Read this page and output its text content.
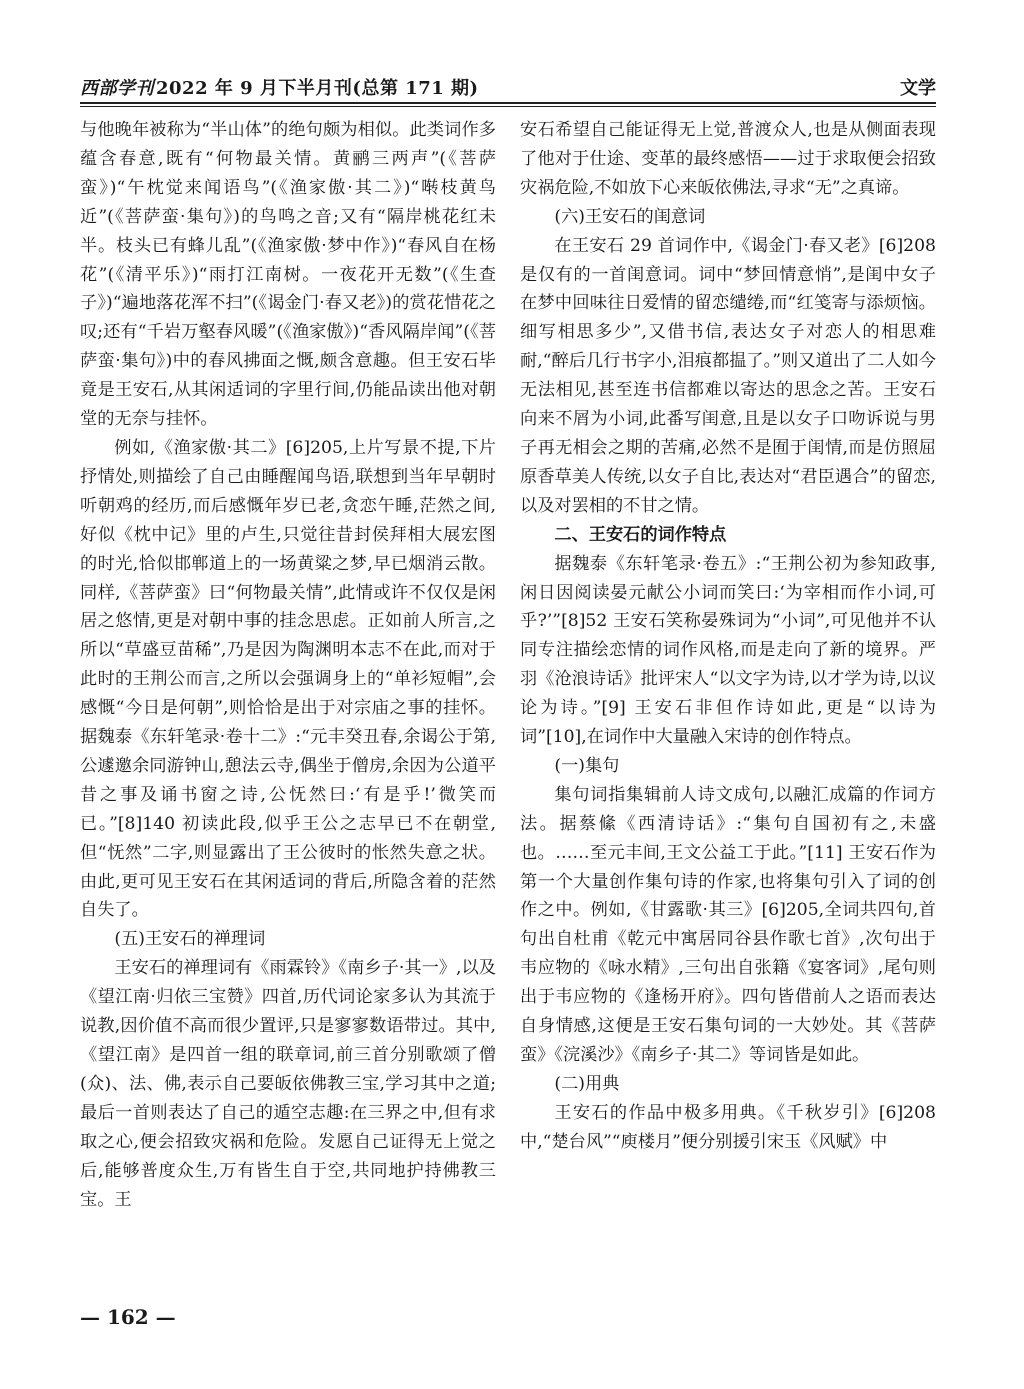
西部学刊 2022 年 9 月下半月刊(总第 171 期)	文学

与他晚年被称为“半山体”的绝句颇为相似。此类词作多蕴含春意,既有“何物最关情。黄鹂三两声”(《菩萨蛮》)“午枕觉来闻语鸟”(《渔家傲·其二》)“啭枝黄鸟近”(《菩萨蛮·集句》)的鸟鸣之音;又有“隔岸桃花红未半。枝头已有蜂儿乱”(《渔家傲·梦中作》)“春风自在杨花”(《清平乐》)“雨打江南树。一夜花开无数”(《生查子》)“遍地落花浑不扫”(《谒金门·春又老》)的赏花惜花之叹;还有“千岩万壑春风暖”(《渔家傲》)“香风隔岸闻”(《菩萨蛮·集句》)中的春风拂面之慨,颇含意趣。但王安石毕竟是王安石,从其闲适词的字里行间,仍能品读出他对朝堂的无奈与挂怀。

例如,《渔家傲·其二》[6]205,上片写景不提,下片抒情处,则描绘了自己由睡醒闻鸟语,联想到当年早朝时听朝鸡的经历,而后感慨年岁已老,贪恋午睡,茫然之间,好似《枕中记》里的卢生,只觉往昔封侯拜相大展宏图的时光,恰似邯郸道上的一场黄粱之梦,早已烟消云散。同样,《菩萨蛮》曰“何物最关情”,此情或许不仅仅是闲居之悠情,更是对朝中事的挂念思虑。正如前人所言,之所以“草盛豆苗稀”,乃是因为陶渊明本志不在此,而对于此时的王荆公而言,之所以会强调身上的“单衫短帽”,会感慨“今日是何朝”,则恰恰是出于对宗庙之事的挂怀。据魏泰《东轩笔录·卷十二》:“元丰癸丑春,余谒公于第,公遽邀余同游钟山,憩法云寺,偶坐于僧房,余因为公道平昔之事及诵书窗之诗,公怃然曰:‘有是乎!’微笑而已。”[8]140 初读此段,似乎王公之志早已不在朝堂,但“怃然”二字,则显露出了王公彼时的怅然失意之状。由此,更可见王安石在其闲适词的背后,所隐含着的茫然自失了。

(五)王安石的禅理词

王安石的禅理词有《雨霖铃》《南乡子·其一》,以及《望江南·归依三宝赞》四首,历代词论家多认为其流于说教,因价值不高而很少置评,只是寥寥数语带过。其中,《望江南》是四首一组的联章词,前三首分别歌颂了僧(众)、法、佛,表示自己要皈依佛教三宝,学习其中之道;最后一首则表达了自己的遁空志趣:在三界之中,但有求取之心,便会招致灾祸和危险。发愿自己证得无上觉之后,能够普度众生,万有皆生自于空,共同地护持佛教三宝。王

安石希望自己能证得无上觉,普渡众人,也是从侧面表现了他对于仕途、变革的最终感悟——过于求取便会招致灾祸危险,不如放下心来皈依佛法,寻求“无”之真谛。

(六)王安石的闺意词

在王安石 29 首词作中,《谒金门·春又老》[6]208是仅有的一首闺意词。词中“梦回情意悄”,是闺中女子在梦中回味往日爱情的留恋缱绻,而“红笺寄与添烦恼。细写相思多少”,又借书信,表达女子对恋人的相思难耐,“醉后几行书字小,泪痕都揾了。”则又道出了二人如今无法相见,甚至连书信都难以寄达的思念之苦。王安石向来不屑为小词,此番写闺意,且是以女子口吻诉说与男子再无相会之期的苦痛,必然不是囿于闺情,而是仿照屈原香草美人传统,以女子自比,表达对“君臣遇合”的留恋,以及对罢相的不甘之情。

二、王安石的词作特点

据魏泰《东轩笔录·卷五》:“王荆公初为参知政事,闲日因阅读晏元献公小词而笑曰:‘为宰相而作小词,可乎?’”[8]52 王安石笑称晏殊词为“小词”,可见他并不认同专注描绘恋情的词作风格,而是走向了新的境界。严羽《沧浪诗话》批评宋人“以文字为诗,以才学为诗,以议论为诗。”[9] 王安石非但作诗如此,更是“以诗为词”[10],在词作中大量融入宋诗的创作特点。

(一)集句

集句词指集辑前人诗文成句,以融汇成篇的作词方法。据蔡絛《西清诗话》:“集句自国初有之,未盛也。……至元丰间,王文公益工于此。”[11] 王安石作为第一个大量创作集句诗的作家,也将集句引入了词的创作之中。例如,《甘露歌·其三》[6]205,全词共四句,首句出自杜甫《乾元中寓居同谷县作歌七首》,次句出于韦应物的《咏水精》,三句出自张籍《宴客词》,尾句则出于韦应物的《逢杨开府》。四句皆借前人之语而表达自身情感,这便是王安石集句词的一大妙处。其《菩萨蛮》《浣溪沙》《南乡子·其二》等词皆是如此。

(二)用典

王安石的作品中极多用典。《千秋岁引》[6]208中,“楚台风”“庾楼月”便分别援引宋玉《风赋》中

— 162 —
